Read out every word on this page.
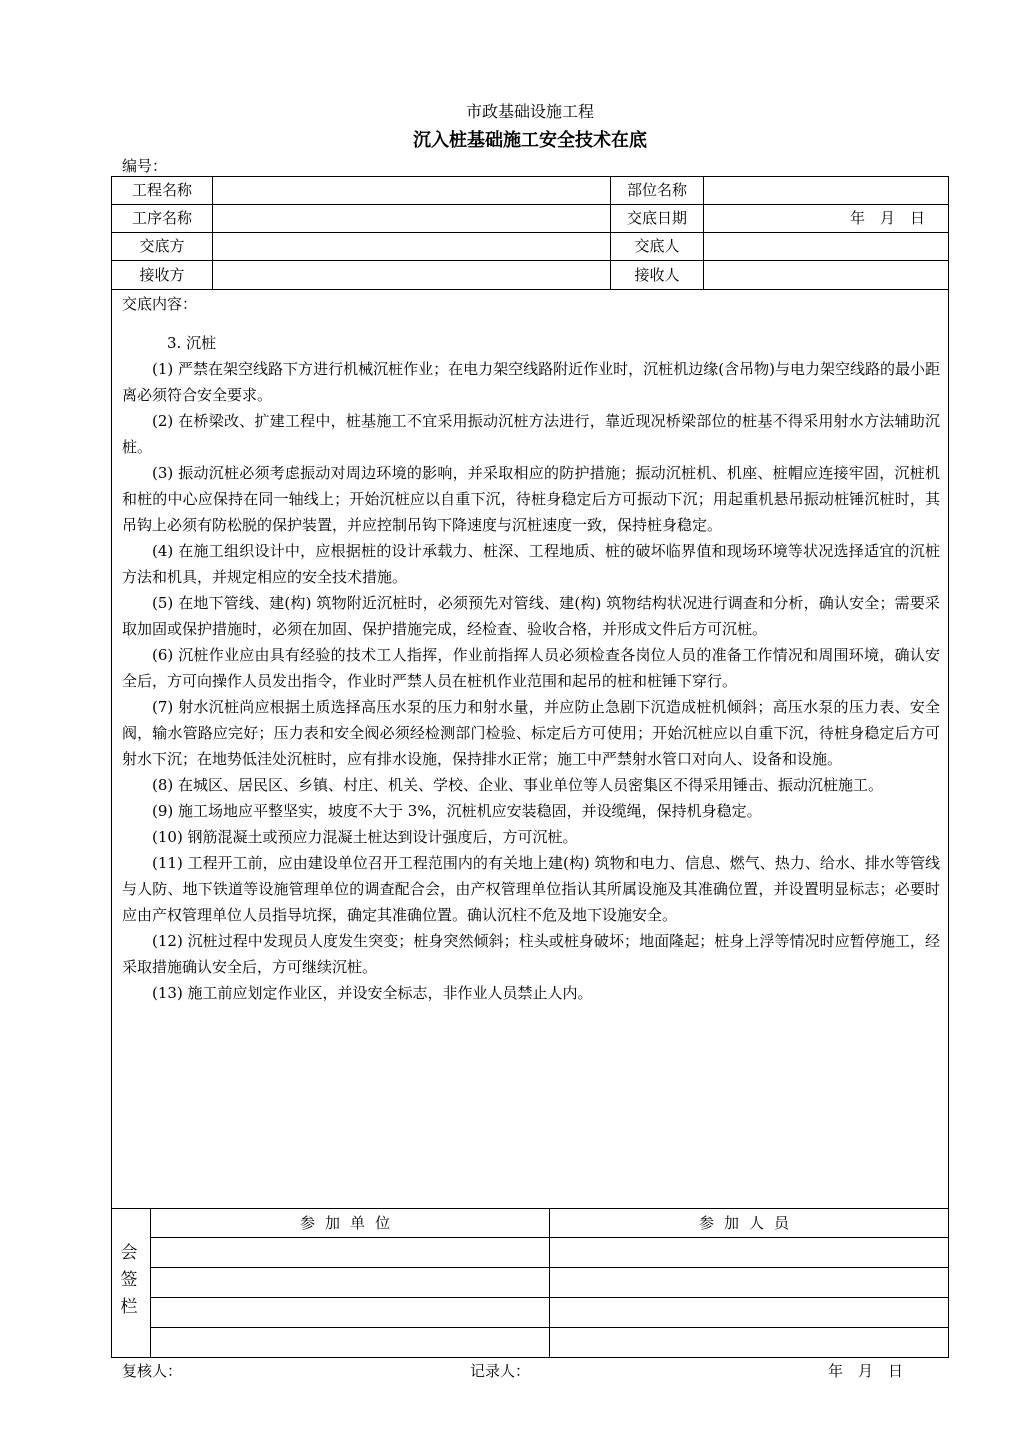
市政基础设施工程
沉入桩基础施工安全技术在底
编号：
工程名称	部位名称
工序名称	交底日期	年　月　日
交底方	交底人
接收方	接收人
交底内容：

3. 沉桩

(1) 严禁在架空线路下方进行机械沉桩作业；在电力架空线路附近作业时，沉桩机边缘(含吊物)与电力架空线路的最小距离必须符合安全要求。

(2) 在桥梁改、扩建工程中，桩基施工不宜采用振动沉桩方法进行，靠近现况桥梁部位的桩基不得采用射水方法辅助沉桩。

(3) 振动沉桩必须考虑振动对周边环境的影响，并采取相应的防护措施；振动沉桩机、机座、桩帽应连接牢固，沉桩机和桩的中心应保持在同一轴线上；开始沉桩应以自重下沉，待桩身稳定后方可振动下沉；用起重机悬吊振动桩锤沉桩时，其吊钩上必须有防松脱的保护装置，并应控制吊钩下降速度与沉桩速度一致，保持桩身稳定。

(4) 在施工组织设计中，应根据桩的设计承载力、桩深、工程地质、桩的破坏临界值和现场环境等状况选择适宜的沉桩方法和机具，并规定相应的安全技术措施。

(5) 在地下管线、建(构) 筑物附近沉桩时，必须预先对管线、建(构) 筑物结构状况进行调查和分析，确认安全；需要采取加固或保护措施时，必须在加固、保护措施完成，经检查、验收合格，并形成文件后方可沉桩。

(6) 沉桩作业应由具有经验的技术工人指挥，作业前指挥人员必须检查各岗位人员的准备工作情况和周围环境，确认安全后，方可向操作人员发出指令，作业时严禁人员在桩机作业范围和起吊的桩和桩锤下穿行。

(7) 射水沉桩尚应根据土质选择高压水泵的压力和射水量，并应防止急剧下沉造成桩机倾斜；高压水泵的压力表、安全阀，输水管路应完好；压力表和安全阀必须经检测部门检验、标定后方可使用；开始沉桩应以自重下沉，待桩身稳定后方可射水下沉；在地势低洼处沉桩时，应有排水设施，保持排水正常；施工中严禁射水管口对向人、设备和设施。

(8) 在城区、居民区、乡镇、村庄、机关、学校、企业、事业单位等人员密集区不得采用锤击、振动沉桩施工。

(9) 施工场地应平整坚实，坡度不大于 3%，沉桩机应安装稳固，并设缆绳，保持机身稳定。

(10) 钢筋混凝土或预应力混凝土桩达到设计强度后，方可沉桩。

(11) 工程开工前，应由建设单位召开工程范围内的有关地上建(构) 筑物和电力、信息、燃气、热力、给水、排水等管线与人防、地下铁道等设施管理单位的调查配合会，由产权管理单位指认其所属设施及其准确位置，并设置明显标志；必要时应由产权管理单位人员指导坑探，确定其准确位置。确认沉柱不危及地下设施安全。

(12) 沉桩过程中发现员人度发生突变；桩身突然倾斜；柱头或桩身破坏；地面隆起；桩身上浮等情况时应暂停施工，经采取措施确认安全后，方可继续沉桩。

(13) 施工前应划定作业区，并设安全标志，非作业人员禁止人内。

会
签
栏
参加单位	参加人员
复核人：	记录人：	年　月　日
